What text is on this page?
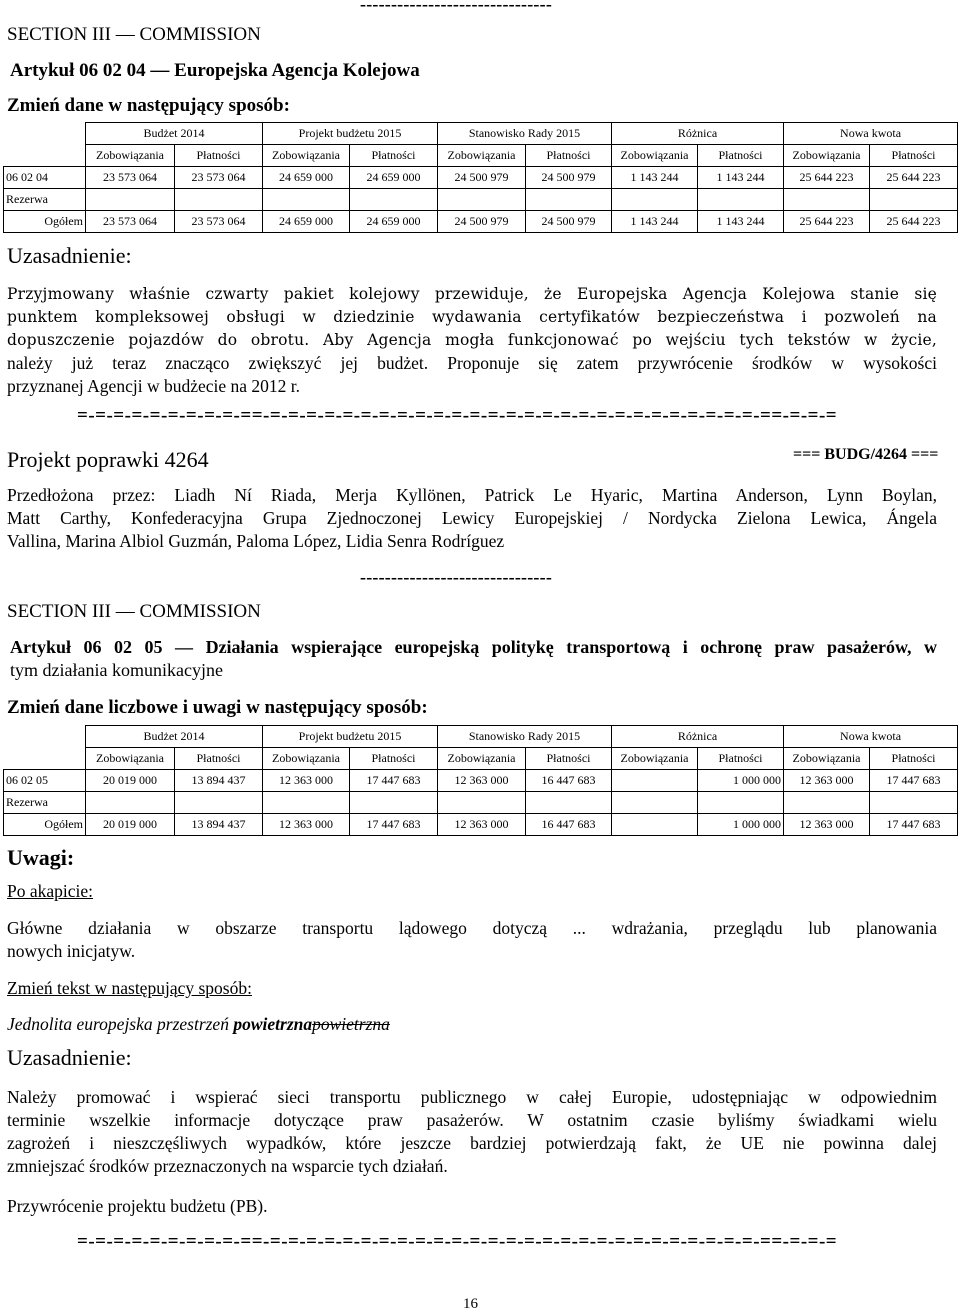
-------------------------------
SECTION III — COMMISSION
Artykuł 06 02 04 — Europejska Agencja Kolejowa
Zmień dane w następujący sposób:
	Budżet 2014		Projekt budżetu 2015		Stanowisko Rady 2015		Różnica		Nowa kwota	
	Zobowiązania	Płatności	Zobowiązania	Płatności	Zobowiązania	Płatności	Zobowiązania	Płatności	Zobowiązania	Płatności
06 02 04	23 573 064	23 573 064	24 659 000	24 659 000	24 500 979	24 500 979	1 143 244	1 143 244	25 644 223	25 644 223
Rezerwa										
Ogółem	23 573 064	23 573 064	24 659 000	24 659 000	24 500 979	24 500 979	1 143 244	1 143 244	25 644 223	25 644 223
Uzasadnienie:
Przyjmowany właśnie czwarty pakiet kolejowy przewiduje, że Europejska Agencja Kolejowa stanie się
punktem kompleksowej obsługi w dziedzinie wydawania certyfikatów bezpieczeństwa i pozwoleń na
dopuszczenie pojazdów do obrotu. Aby Agencja mogła funkcjonować po wejściu tych tekstów w życie,
należy już teraz znacząco zwiększyć jej budżet. Proponuje się zatem przywrócenie środków w wysokości
przyznanej Agencji w budżecie na 2012 r.
=-=-=-=-=-=-=-=-=-==-=-=-=-=-=-=-=-=-=-=-=-=-=-=-=-=-=-=-=-=-=-=-=-=-=-=-=-==-=-=-=
Projekt poprawki 4264	=== BUDG/4264 ===
Przedłożona przez: Liadh Ní Riada, Merja Kyllönen, Patrick Le Hyaric, Martina Anderson, Lynn Boylan,
Matt Carthy, Konfederacyjna Grupa Zjednoczonej Lewicy Europejskiej / Nordycka Zielona Lewica, Ángela
Vallina, Marina Albiol Guzmán, Paloma López, Lidia Senra Rodríguez
-------------------------------
SECTION III — COMMISSION
Artykuł 06 02 05 — Działania wspierające europejską politykę transportową i ochronę praw pasażerów, w
tym działania komunikacyjne
Zmień dane liczbowe i uwagi w następujący sposób:
	Budżet 2014		Projekt budżetu 2015		Stanowisko Rady 2015		Różnica		Nowa kwota	
	Zobowiązania	Płatności	Zobowiązania	Płatności	Zobowiązania	Płatności	Zobowiązania	Płatności	Zobowiązania	Płatności
06 02 05	20 019 000	13 894 437	12 363 000	17 447 683	12 363 000	16 447 683		1 000 000	12 363 000	17 447 683
Rezerwa										
Ogółem	20 019 000	13 894 437	12 363 000	17 447 683	12 363 000	16 447 683		1 000 000	12 363 000	17 447 683
Uwagi:
Po akapicie:
Główne działania w obszarze transportu lądowego dotyczą ... wdrażania, przeglądu lub planowania
nowych inicjatyw.
Zmień tekst w następujący sposób:
Jednolita europejska przestrzeń powietrznapowietrzna
Uzasadnienie:
Należy promować i wspierać sieci transportu publicznego w całej Europie, udostępniając w odpowiednim
terminie wszelkie informacje dotyczące praw pasażerów. W ostatnim czasie byliśmy świadkami wielu
zagrożeń i nieszczęśliwych wypadków, które jeszcze bardziej potwierdzają fakt, że UE nie powinna dalej
zmniejszać środków przeznaczonych na wsparcie tych działań.
Przywrócenie projektu budżetu (PB).
=-=-=-=-=-=-=-=-=-==-=-=-=-=-=-=-=-=-=-=-=-=-=-=-=-=-=-=-=-=-=-=-=-=-=-=-=-==-=-=-=
16
